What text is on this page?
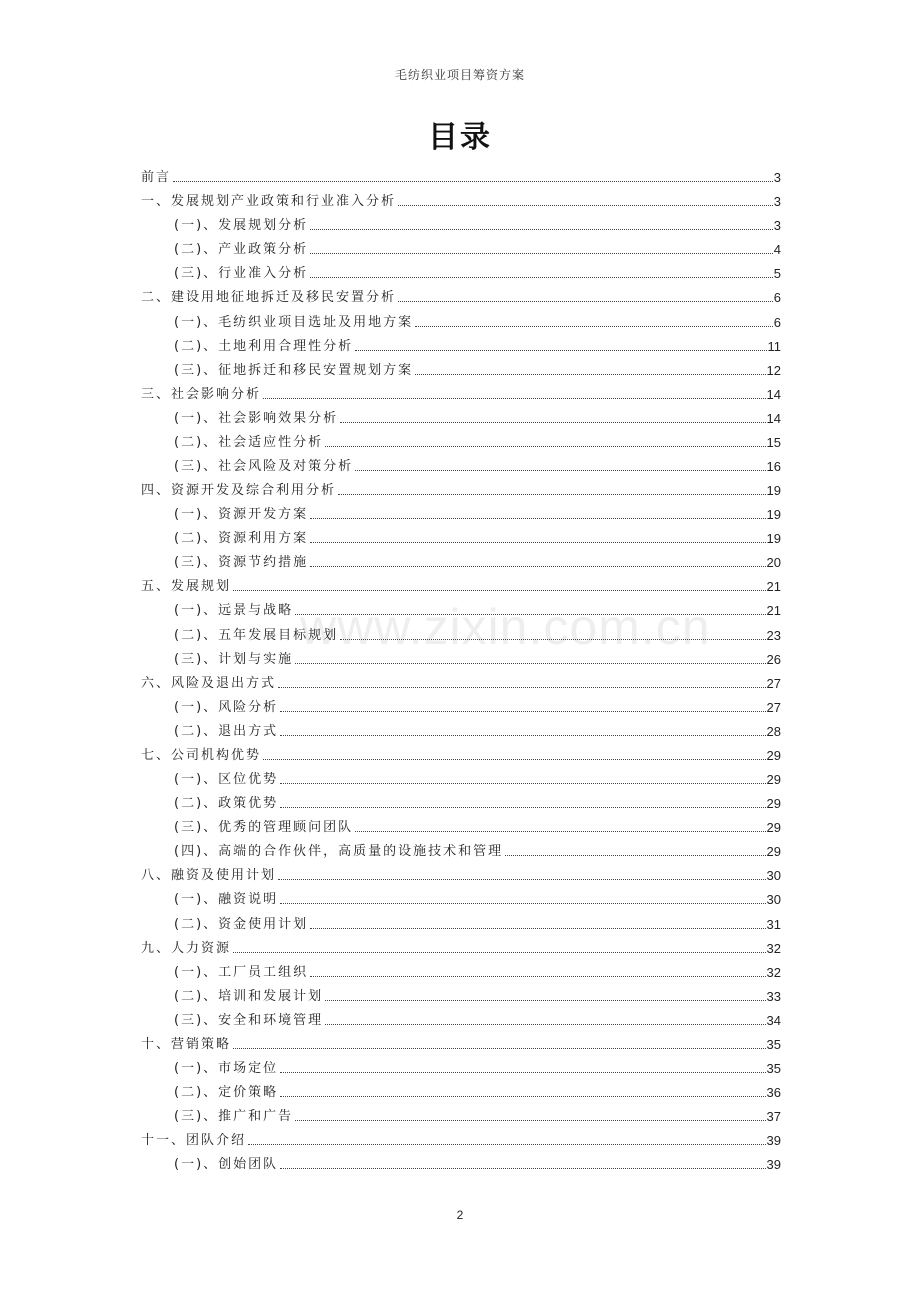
毛纺织业项目筹资方案
目录
www.zixin.com.cn
前言	3
一、发展规划产业政策和行业准入分析	3
(一)、发展规划分析	3
(二)、产业政策分析	4
(三)、行业准入分析	5
二、建设用地征地拆迁及移民安置分析	6
(一)、毛纺织业项目选址及用地方案	6
(二)、土地利用合理性分析	11
(三)、征地拆迁和移民安置规划方案	12
三、社会影响分析	14
(一)、社会影响效果分析	14
(二)、社会适应性分析	15
(三)、社会风险及对策分析	16
四、资源开发及综合利用分析	19
(一)、资源开发方案	19
(二)、资源利用方案	19
(三)、资源节约措施	20
五、发展规划	21
(一)、远景与战略	21
(二)、五年发展目标规划	23
(三)、计划与实施	26
六、风险及退出方式	27
(一)、风险分析	27
(二)、退出方式	28
七、公司机构优势	29
(一)、区位优势	29
(二)、政策优势	29
(三)、优秀的管理顾问团队	29
(四)、高端的合作伙伴，高质量的设施技术和管理	29
八、融资及使用计划	30
(一)、融资说明	30
(二)、资金使用计划	31
九、人力资源	32
(一)、工厂员工组织	32
(二)、培训和发展计划	33
(三)、安全和环境管理	34
十、营销策略	35
(一)、市场定位	35
(二)、定价策略	36
(三)、推广和广告	37
十一、团队介绍	39
(一)、创始团队	39
2
